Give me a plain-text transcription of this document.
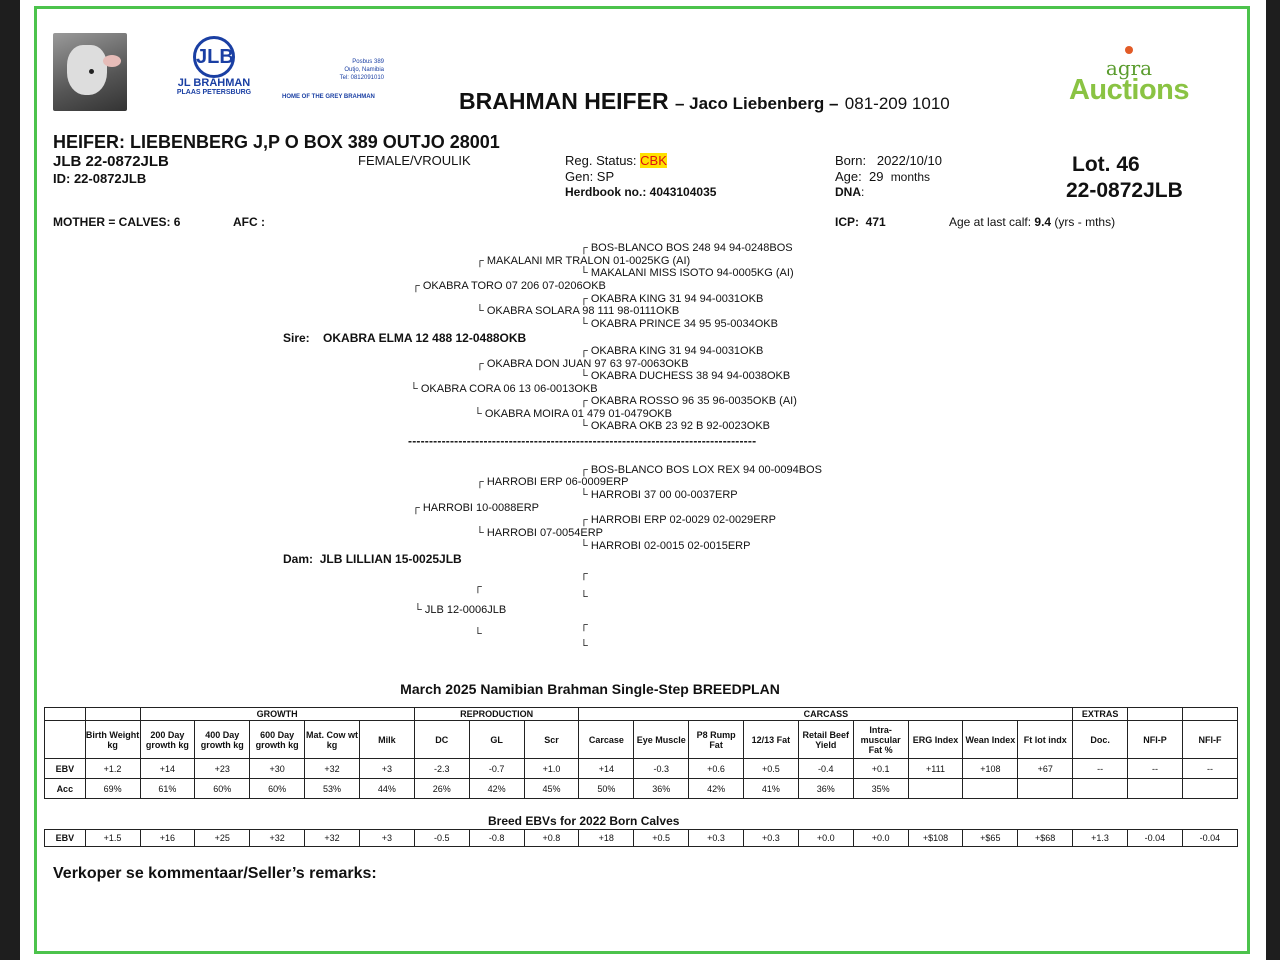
JLB
JL BRAHMAN
PLAAS PETERSBURG
Posbus 389
Outjo, Namibia
Tel: 0812091010
HOME OF THE GREY BRAHMAN	BRAHMAN HEIFER – Jaco Liebenberg – 081-209 1010
agra
Auctions
HEIFER: LIEBENBERG J,P O BOX 389 OUTJO 28001
JLB 22-0872JLB
ID: 22-0872JLB
FEMALE/VROULIK	Reg. Status: CBK
Gen: SP
Herdbook no.: 4043104035
Born: 2022/10/10
Age: 29 months
DNA:
Lot. 46
22-0872JLB
MOTHER = CALVES: 6	AFC :	ICP: 471	Age at last calf: 9.4 (yrs - mths)
┌ BOS-BLANCO BOS 248 94 94-0248BOS
┌ MAKALANI MR TRALON 01-0025KG (AI)
└ MAKALANI MISS ISOTO 94-0005KG (AI)
┌ OKABRA TORO 07 206 07-0206OKB
┌ OKABRA KING 31 94 94-0031OKB
└ OKABRA SOLARA 98 111 98-0111OKB
└ OKABRA PRINCE 34 95 95-0034OKB
Sire: OKABRA ELMA 12 488 12-0488OKB
┌ OKABRA KING 31 94 94-0031OKB
┌ OKABRA DON JUAN 97 63 97-0063OKB
└ OKABRA DUCHESS 38 94 94-0038OKB
└ OKABRA CORA 06 13 06-0013OKB
┌ OKABRA ROSSO 96 35 96-0035OKB (AI)
└ OKABRA MOIRA 01 479 01-0479OKB
└ OKABRA OKB 23 92 B 92-0023OKB
-----------------------------------------------------------------------------------
┌ BOS-BLANCO BOS LOX REX 94 00-0094BOS
┌ HARROBI ERP 06-0009ERP
└ HARROBI 37 00 00-0037ERP
┌ HARROBI 10-0088ERP
┌ HARROBI ERP 02-0029 02-0029ERP
└ HARROBI 07-0054ERP
└ HARROBI 02-0015 02-0015ERP
Dam: JLB LILLIAN 15-0025JLB
┌
┌
└
└ JLB 12-0006JLB
┌
└
└
March 2025 Namibian Brahman Single-Step BREEDPLAN
		GROWTH					REPRODUCTION			CARCASS									EXTRAS		
	Birth Weight kg	200 Day growth kg	400 Day growth kg	600 Day growth kg	Mat. Cow wt kg	Milk	DC	GL	Scr	Carcase	Eye Muscle	P8 Rump Fat	12/13 Fat	Retail Beef Yield	Intra- muscular Fat %	ERG Index	Wean Index	Ft lot indx	Doc.	NFI-P	NFI-F
EBV	+1.2	+14	+23	+30	+32	+3	-2.3	-0.7	+1.0	+14	-0.3	+0.6	+0.5	-0.4	+0.1	+111	+108	+67	--	--	--
Acc	69%	61%	60%	60%	53%	44%	26%	42%	45%	50%	36%	42%	41%	36%	35%						
Breed EBVs for 2022 Born Calves
EBV	+1.5	+16	+25	+32	+32	+3	-0.5	-0.8	+0.8	+18	+0.5	+0.3	+0.3	+0.0	+0.0	+$108	+$65	+$68	+1.3	-0.04	-0.04
Verkoper se kommentaar/Seller’s remarks:
